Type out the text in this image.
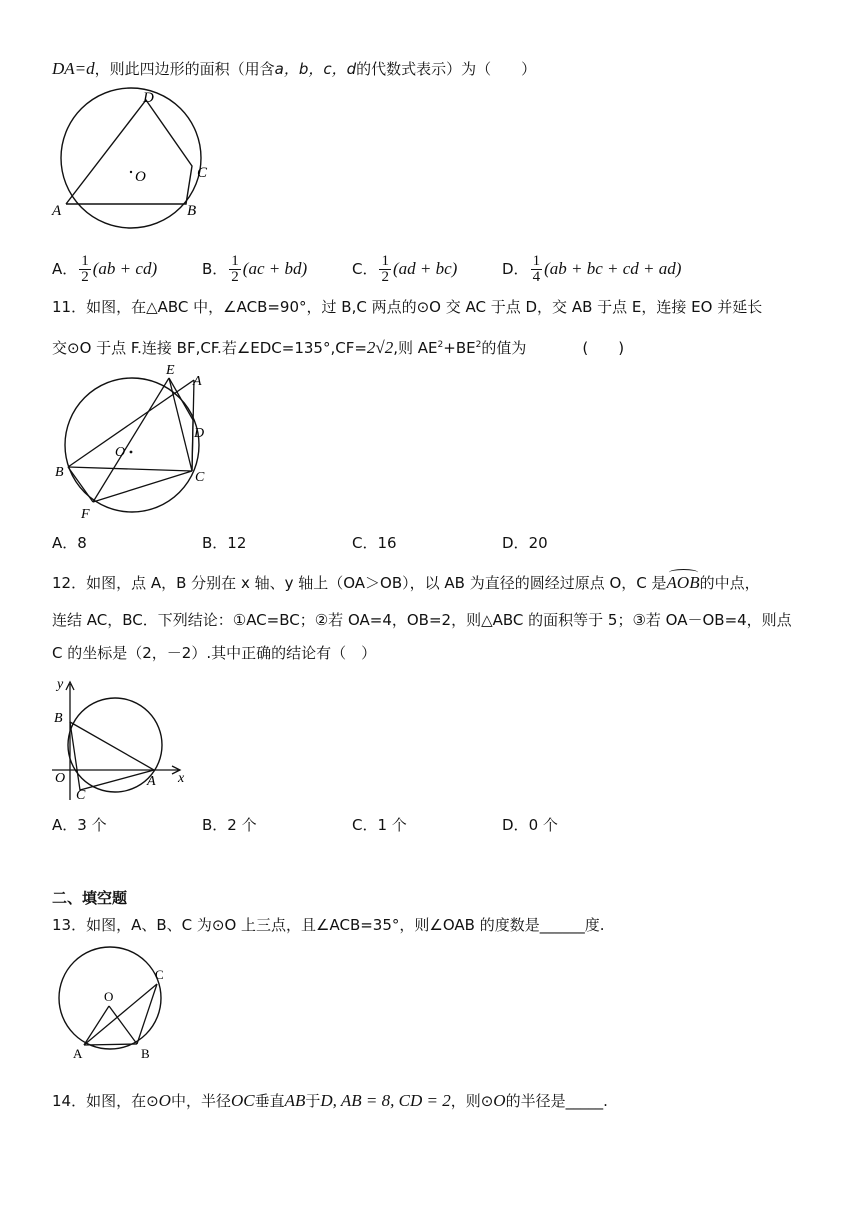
DA=d，则此四边形的面积（用含a，b，c，d的代数式表示）为（　　）
D
O	C
A	B
A． $\frac{1}{2} (ab + cd)$	B． $\frac{1}{2} (ac + bd)$	C． $\frac{1}{2} (ad + bc)$	D． $\frac{1}{4} (ab$ + bc + cd + ad)
11．如图，在△ABC 中，∠ACB=90°，过 B,C 两点的⊙O 交 AC 于点 D，交 AB 于点 E，连接 EO 并延长
交⊙O 于点 F.连接 BF,CF.若∠EDC=135°,CF=2√2,则 $AE^2+BE^2$的值为	(　　)
E
A
D
O
B	C
F
A．8	B．12	C．16	D．20
12．如图，点 A，B 分别在 x 轴、y 轴上（OA＞OB），以 AB 为直径的圆经过原点 O，C 是
AOB的中点，
连结 AC，BC．下列结论：①AC=BC；②若 OA=4，OB=2，则△ABC 的面积等于 5；③若 OA－OB=4，则点
C 的坐标是（2，－2）.其中正确的结论有（　）
y
B
O
C
A x
A．3 个	B．2 个	C．1 个	D．0 个
二、填空题
13．如图，A、B、C 为⊙O 上三点，且∠ACB=35°，则∠OAB 的度数是______度.
C
O
A	B
14．如图，在⊙O中，半径OC垂直AB于D, AB = 8, CD = 2，则⊙O的半径是_____.
